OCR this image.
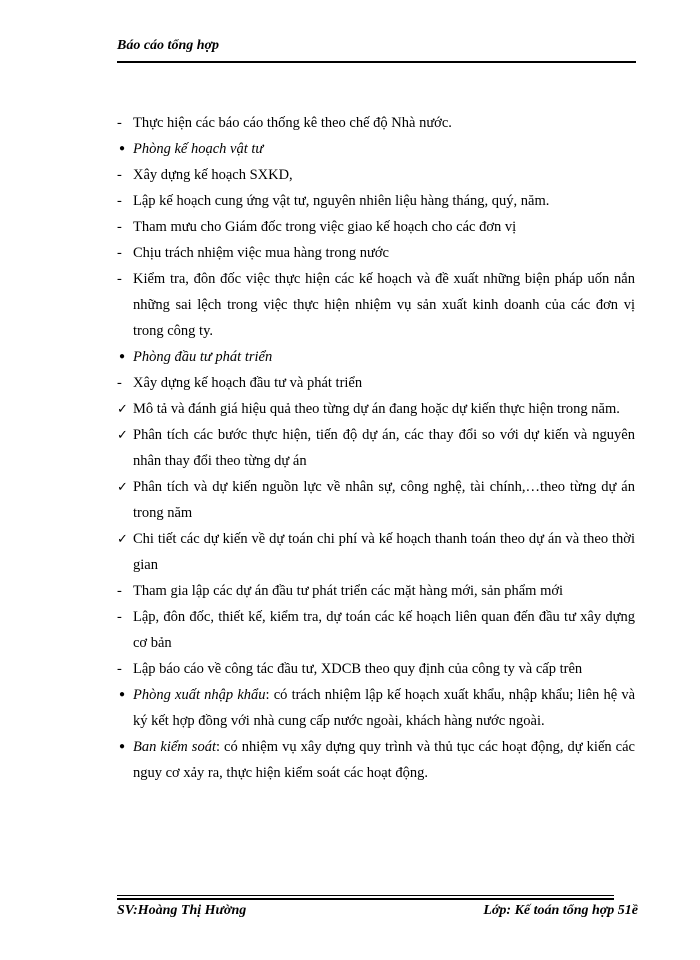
Báo cáo tổng hợp
- Thực hiện các báo cáo thống kê theo chế độ Nhà nước.
● Phòng kế hoạch vật tư
- Xây dựng kế hoạch SXKD,
- Lập kế hoạch cung ứng vật tư, nguyên nhiên liệu hàng tháng, quý, năm.
- Tham mưu cho Giám đốc trong việc giao kế hoạch cho các đơn vị
- Chịu trách nhiệm việc mua hàng trong nước
- Kiểm tra, đôn đốc việc thực hiện các kế hoạch và đề xuất những biện pháp uốn nắn những sai lệch trong việc thực hiện nhiệm vụ sản xuất kinh doanh của các đơn vị trong công ty.
● Phòng đầu tư phát triển
- Xây dựng kế hoạch đầu tư và phát triển
✓ Mô tả và đánh giá hiệu quả theo từng dự án đang hoặc dự kiến thực hiện trong năm.
✓ Phân tích các bước thực hiện, tiến độ dự án, các thay đổi so với dự kiến và nguyên nhân thay đổi theo từng dự án
✓ Phân tích và dự kiến nguồn lực về nhân sự, công nghệ, tài chính,…theo từng dự án trong năm
✓ Chi tiết các dự kiến về dự toán chi phí và kế hoạch thanh toán theo dự án và theo thời gian
- Tham gia lập các dự án đầu tư phát triển các mặt hàng mới, sản phẩm mới
- Lập, đôn đốc, thiết kế, kiểm tra, dự toán các kế hoạch liên quan đến đầu tư xây dựng cơ bản
- Lập báo cáo về công tác đầu tư, XDCB theo quy định của công ty và cấp trên
● Phòng xuất nhập khẩu: có trách nhiệm lập kế hoạch xuất khẩu, nhập khẩu; liên hệ và ký kết hợp đồng với nhà cung cấp nước ngoài, khách hàng nước ngoài.
● Ban kiểm soát: có nhiệm vụ xây dựng quy trình và thủ tục các hoạt động, dự kiến các nguy cơ xảy ra, thực hiện kiểm soát các hoạt động.
SV:Hoàng Thị Hường	Lớp: Kế toán tổng hợp 51ề
